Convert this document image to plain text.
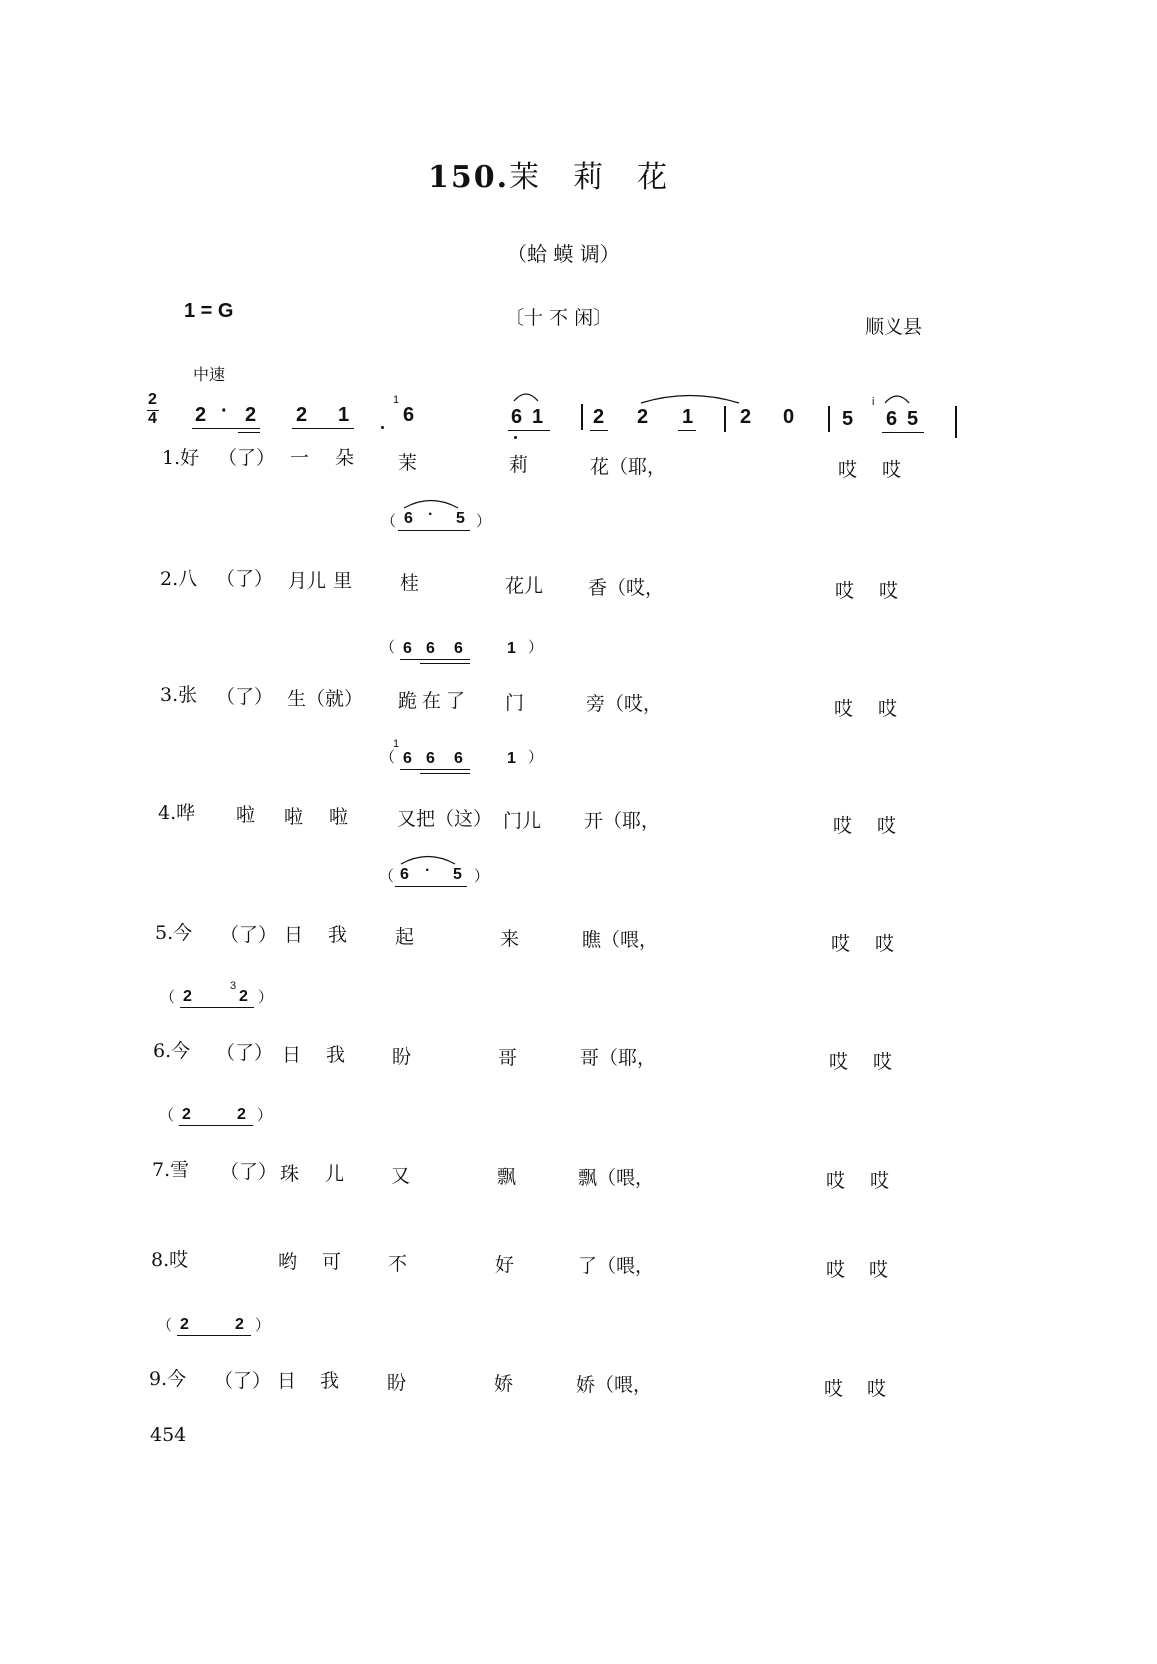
150.茉 莉 花
（蛤 蟆 调）
1 = G	〔十 不 闲〕	顺义县
中速
2
4 2 · 2 2 1
1
6	6 1 2 2 1 2 0 5
i
6 5
1.好 （了） 一 朵 茉	莉	花（耶，	哎 哎
（ 6 · 5 ）
2.八 （了） 月儿 里	桂	花儿 香（哎，	哎 哎
（ 6 6 6	1 ）
3.张 （了） 生（就） 跪在了 门	旁（哎，	哎 哎
（
1
6 6 6	1 ）
4.哗 啦 啦 啦	又把（这） 门儿 开（耶，	哎 哎
（ 6 · 5 ）
5.今 （了） 日 我	起	来	瞧（喂，	哎 哎
（ 2
3
2 ）
6.今 （了） 日 我 盼	哥	哥（耶，	哎 哎
（ 2	2 ）
7.雪 （了） 珠 儿 又	飘	飘（喂，	哎 哎
8.哎	哟 可 不	好	了（喂，	哎 哎
（ 2	2 ）
9.今 （了） 日 我	盼	娇	娇（喂，	哎 哎
454
